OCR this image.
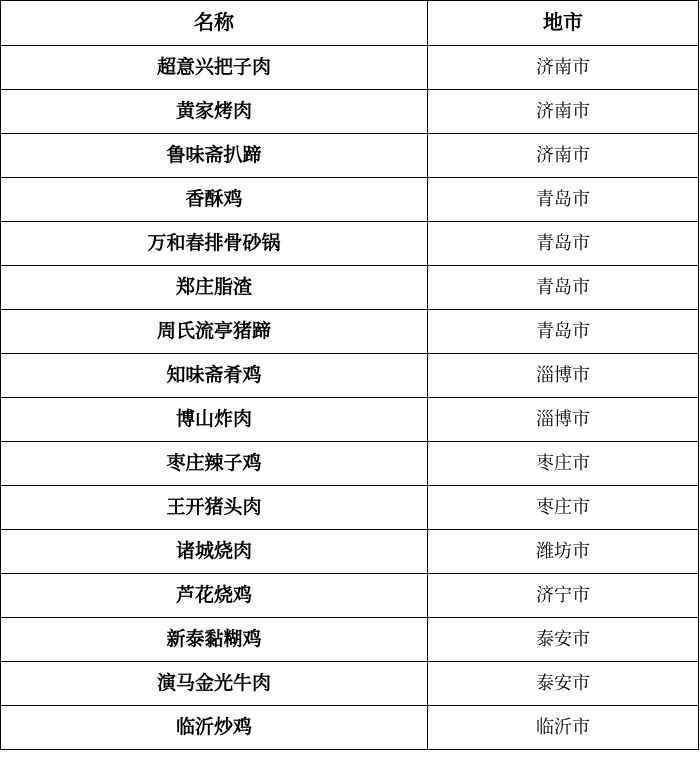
名称	地市
超意兴把子肉	济南市
黄家烤肉	济南市
鲁味斋扒蹄	济南市
香酥鸡	青岛市
万和春排骨砂锅	青岛市
郑庄脂渣	青岛市
周氏流亭猪蹄	青岛市
知味斋肴鸡	淄博市
博山炸肉	淄博市
枣庄辣子鸡	枣庄市
王开猪头肉	枣庄市
诸城烧肉	潍坊市
芦花烧鸡	济宁市
新泰黏糊鸡	泰安市
演马金光牛肉	泰安市
临沂炒鸡	临沂市
